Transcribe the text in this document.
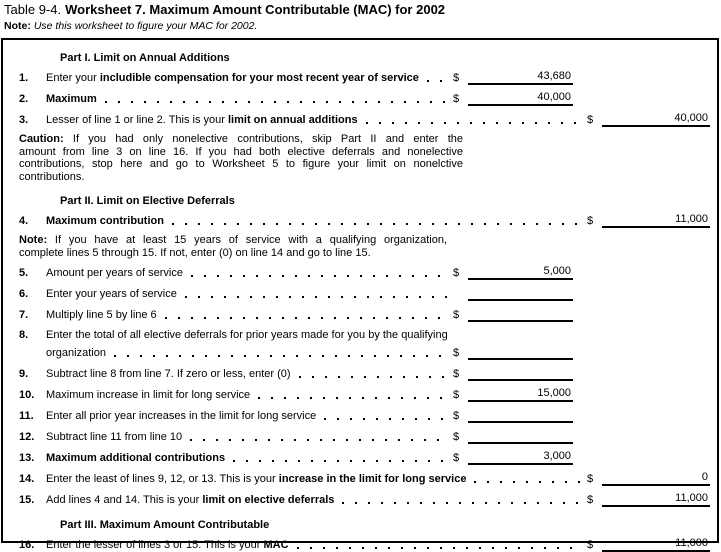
Table 9-4. Worksheet 7. Maximum Amount Contributable (MAC) for 2002
Note: Use this worksheet to figure your MAC for 2002.
Part I. Limit on Annual Additions
1.	Enter your includible compensation for your most recent year of service	$	43,680
2.	Maximum	$	40,000
3.	Lesser of line 1 or line 2. This is your limit on annual additions	$	40,000
Caution: If you had only nonelective contributions, skip Part II and enter the
amount from line 3 on line 16. If you had both elective deferrals and nonelective
contributions, stop here and go to Worksheet 5 to figure your limit on nonelctive
contributions.
Part II. Limit on Elective Deferrals
4.	Maximum contribution	$	11,000
Note: If you have at least 15 years of service with a qualifying organization,
complete lines 5 through 15. If not, enter (0) on line 14 and go to line 15.
5.	Amount per years of service	$	5,000
6.	Enter your years of service
7.	Multiply line 5 by line 6	$
8.	Enter the total of all elective deferrals for prior years made for you by the qualifying
organization	$
9.	Subtract line 8 from line 7. If zero or less, enter (0)	$
10.	Maximum increase in limit for long service	$	15,000
11.	Enter all prior year increases in the limit for long service	$
12.	Subtract line 11 from line 10	$
13.	Maximum additional contributions	$	3,000
14.	Enter the least of lines 9, 12, or 13. This is your increase in the limit for long service	$	0
15.	Add lines 4 and 14. This is your limit on elective deferrals	$	11,000
Part III. Maximum Amount Contributable
16.	Enter the lesser of lines 3 or 15. This is your MAC	$	11,000
